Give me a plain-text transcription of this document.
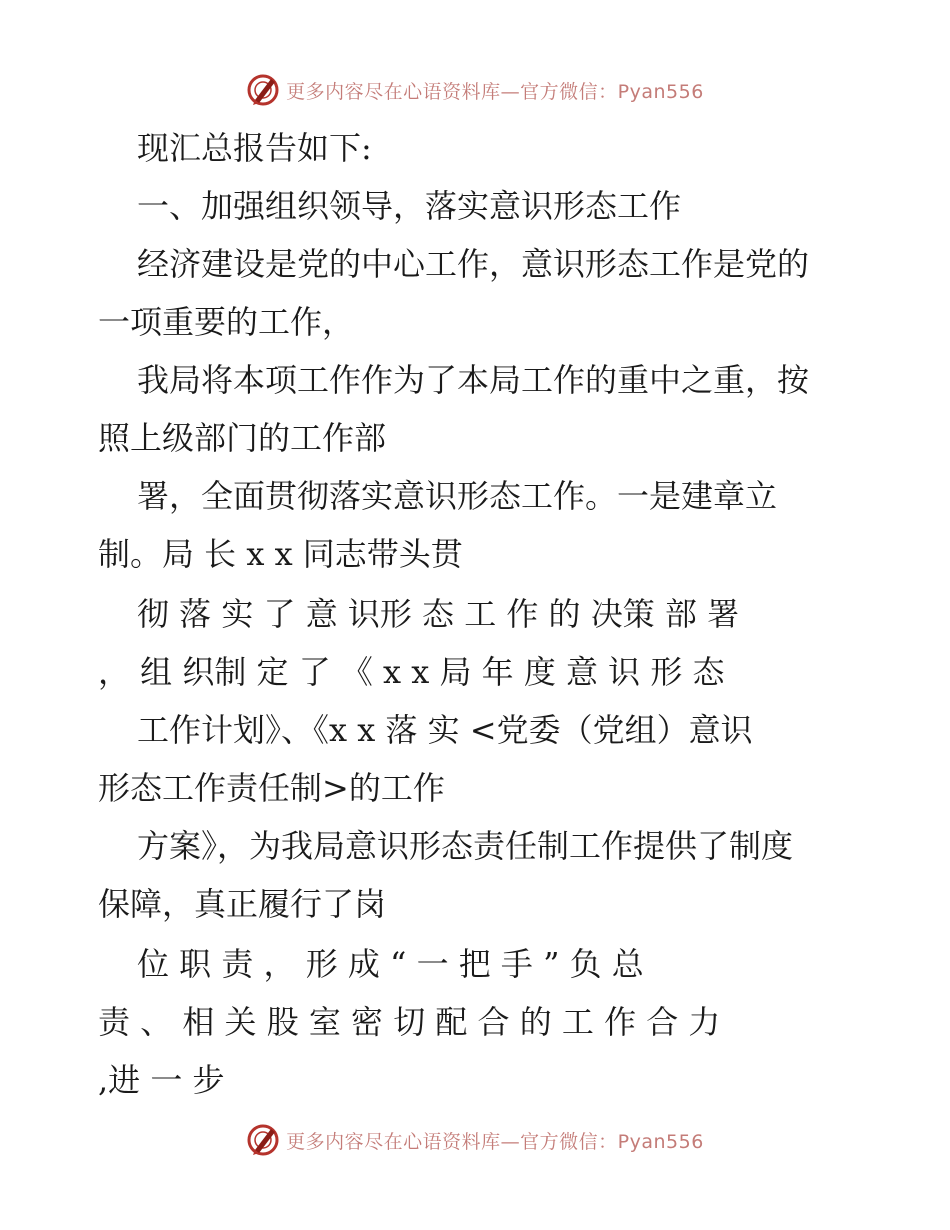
更多内容尽在心语资料库—官方微信：Pyan556
现汇总报告如下:
一、加强组织领导，落实意识形态工作
经济建设是党的中心工作，意识形态工作是党的
一项重要的工作，
我局将本项工作作为了本局工作的重中之重，按
照上级部门的工作部
署，全面贯彻落实意识形态工作。一是建章立
制。局 长 x x 同志带头贯
彻 落 实 了 意 识形 态 工 作 的 决策 部 署
， 组 织制 定 了 《 x x 局 年 度 意 识 形 态
工作计划》、《x x 落 实 <党委（党组）意识
形态工作责任制>的工作
方案》，为我局意识形态责任制工作提供了制度
保障，真正履行了岗
位 职 责 ， 形 成 “ 一 把 手 ” 负 总
责 、 相 关 股 室 密 切 配 合 的 工 作 合 力
,进 一 步
更多内容尽在心语资料库—官方微信：Pyan556
